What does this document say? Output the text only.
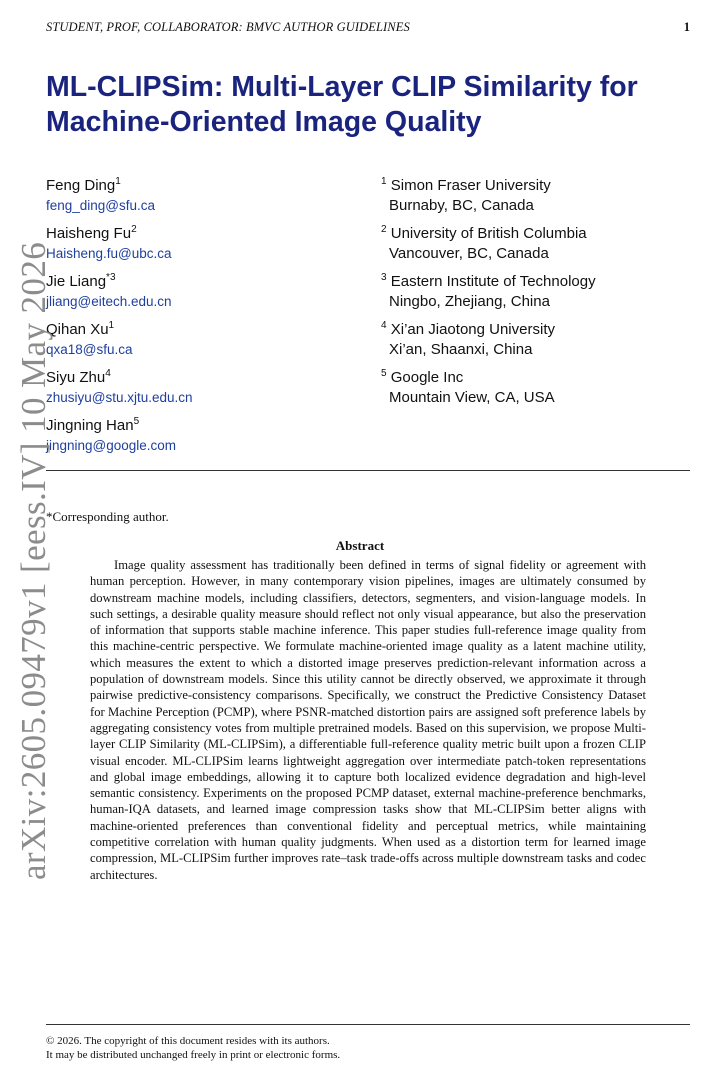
STUDENT, PROF, COLLABORATOR: BMVC AUTHOR GUIDELINES	1
ML-CLIPSim: Multi-Layer CLIP Similarity for Machine-Oriented Image Quality
Feng Ding$^1$
feng_ding@sfu.ca
Haisheng Fu$^2$
Haisheng.fu@ubc.ca
Jie Liang$^{*3}$
jliang@eitech.edu.cn
Qihan Xu$^1$
qxa18@sfu.ca
Siyu Zhu$^4$
zhusiyu@stu.xjtu.edu.cn
Jingning Han$^5$
jingning@google.com
$^1$ Simon Fraser University
Burnaby, BC, Canada
$^2$ University of British Columbia
Vancouver, BC, Canada
$^3$ Eastern Institute of Technology
Ningbo, Zhejiang, China
$^4$ Xi’an Jiaotong University
Xi’an, Shaanxi, China
$^5$ Google Inc
Mountain View, CA, USA
*Corresponding author.
Abstract

Image quality assessment has traditionally been defined in terms of signal fidelity or agreement with human perception. However, in many contemporary vision pipelines, images are ultimately consumed by downstream machine models, including classifiers, detectors, segmenters, and vision-language models. In such settings, a desirable quality measure should reflect not only visual appearance, but also the preservation of information that supports stable machine inference. This paper studies full-reference image quality from this machine-centric perspective. We formulate machine-oriented image quality as a latent machine utility, which measures the extent to which a distorted image preserves prediction-relevant information across a population of downstream models. Since this utility cannot be directly observed, we approximate it through pairwise predictive-consistency comparisons. Specifically, we construct the Predictive Consistency Dataset for Machine Perception (PCMP), where PSNR-matched distortion pairs are assigned soft preference labels by aggregating consistency votes from multiple pretrained models. Based on this supervision, we propose Multi-layer CLIP Similarity (ML-CLIPSim), a differentiable full-reference quality metric built upon a frozen CLIP visual encoder. ML-CLIPSim learns lightweight aggregation over intermediate patch-token representations and global image embeddings, allowing it to capture both localized evidence degradation and high-level semantic consistency. Experiments on the proposed PCMP dataset, external machine-preference benchmarks, human-IQA datasets, and learned image compression tasks show that ML-CLIPSim better aligns with machine-oriented preferences than conventional fidelity and perceptual metrics, while maintaining competitive correlation with human quality judgments. When used as a distortion term for learned image compression, ML-CLIPSim further improves rate–task trade-offs across multiple downstream tasks and codec architectures.

© 2026. The copyright of this document resides with its authors.
It may be distributed unchanged freely in print or electronic forms.
arXiv:2605.09479v1 [eess.IV] 10 May 2026
